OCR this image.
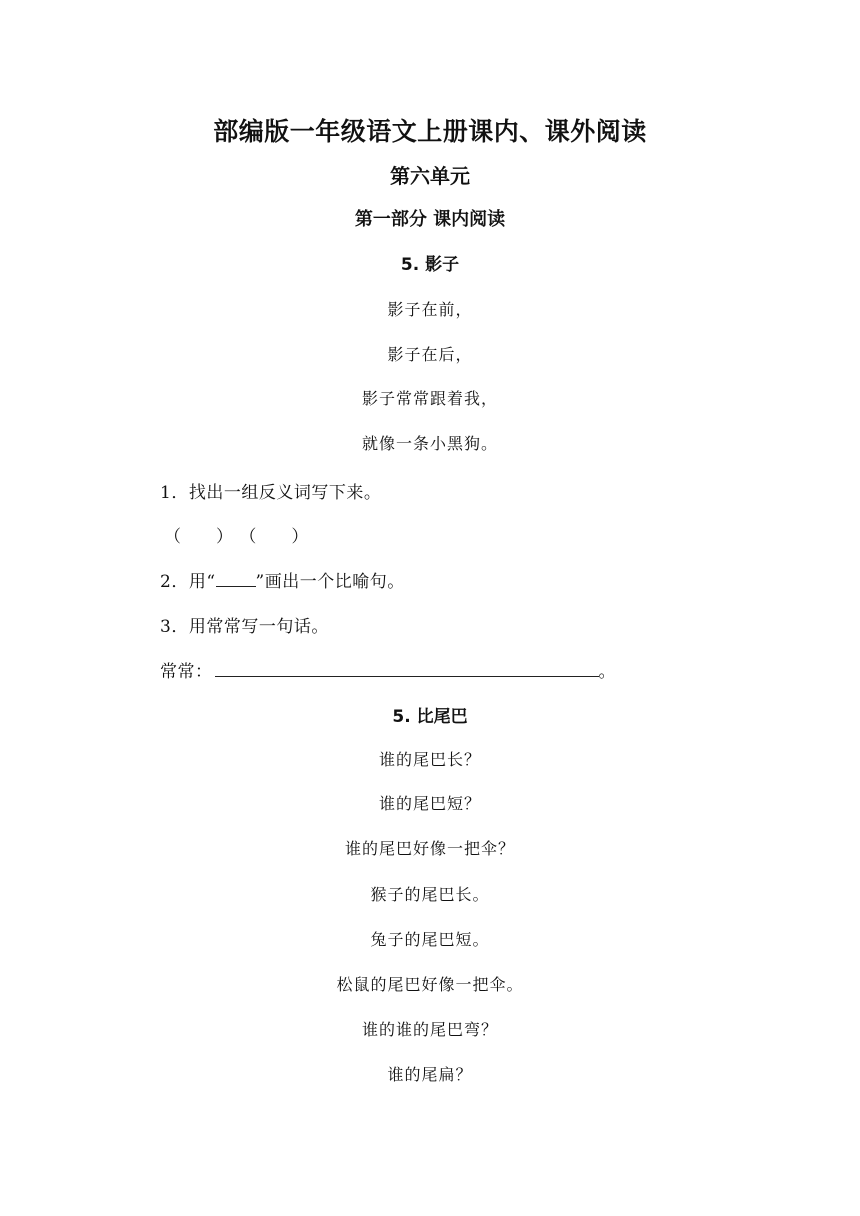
部编版一年级语文上册课内、课外阅读
第六单元
第一部分 课内阅读
5. 影子
影子在前，
影子在后，
影子常常跟着我，
就像一条小黑狗。
1．找出一组反义词写下来。
（ ） （ ）
2．用“ ”画出一个比喻句。
3．用常常写一句话。
常常：	。
5. 比尾巴
谁的尾巴长？
谁的尾巴短？
谁的尾巴好像一把伞？
猴子的尾巴长。
兔子的尾巴短。
松鼠的尾巴好像一把伞。
谁的谁的尾巴弯？
谁的尾扁？
